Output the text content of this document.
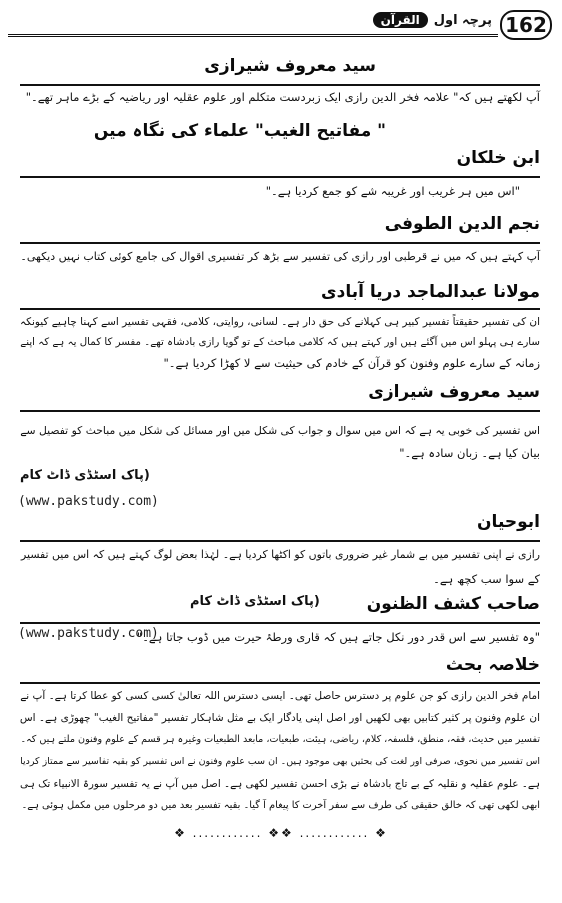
پرچہ اول
القرآن	162
سید معروف شیرازی
آپ لکھتے ہیں کہ" علامہ فخر الدین رازی ایک زبردست متکلم اور علوم عقلیہ اور ریاضیہ کے بڑے ماہر تھے۔"
" مفاتیح الغیب" علماء کی نگاہ میں
ابن خلکان
"اس میں ہر غریب اور غریبہ شے کو جمع کردیا ہے۔"
نجم الدین الطوفی
آپ کہتے ہیں کہ میں نے قرطبی اور رازی کی تفسیر سے بڑھ کر تفسیری اقوال کی جامع کوئی کتاب نہیں دیکھی۔
مولانا عبدالماجد دریا آبادی
ان کی تفسیر حقیقتاً تفسیر کبیر ہی کہلانے کی حق دار ہے۔ لسانی، روایتی، کلامی، فقہی تفسیر اسے کہنا چاہیے کیونکہ
سارے ہی پہلو اس میں آگئے ہیں اور کہتے ہیں کہ کلامی مباحث کے تو گویا رازی بادشاہ تھے۔ مفسر کا کمال یہ ہے کہ اپنے
زمانہ کے سارے علوم وفنون کو قرآن کے خادم کی حیثیت سے لا کھڑا کردیا ہے۔"
سید معروف شیرازی
اس تفسیر کی خوبی یہ ہے کہ اس میں سوال و جواب کی شکل میں اور مسائل کی شکل میں مباحث کو تفصیل سے
بیان کیا ہے۔ زبان سادہ ہے۔"
(پاک اسٹڈی ڈاٹ کام
(www.pakstudy.com)
ابوحیان
رازی نے اپنی تفسیر میں بے شمار غیر ضروری باتوں کو اکٹھا کردیا ہے۔ لہٰذا بعض لوگ کہتے ہیں کہ اس میں تفسیر
کے سوا سب کچھ ہے۔
صاحب کشف الظنون
(پاک اسٹڈی ڈاٹ کام
"وہ تفسیر سے اس قدر دور نکل جاتے ہیں کہ قاری ورطۂ حیرت میں ڈوب جاتا ہے۔"
(www.pakstudy.com)
خلاصہ بحث
امام فخر الدین رازی کو جن علوم پر دسترس حاصل تھی۔ ایسی دسترس اللہ تعالیٰ کسی کسی کو عطا کرتا ہے۔ آپ نے
ان علوم وفنون پر کثیر کتابیں بھی لکھیں اور اصل اپنی یادگار ایک بے مثل شاہکار تفسیر "مفاتیح الغیب" چھوڑی ہے۔ اس
تفسیر میں حدیث، فقہ، منطق، فلسفہ، کلام، ریاضی، ہیئت، طبعیات، مابعد الطبعیات وغیرہ ہر قسم کے علوم وفنون ملتے ہیں کہ۔
اس تفسیر میں نحوی، صرفی اور لغت کی بحثیں بھی موجود ہیں۔ ان سب علوم وفنون نے اس تفسیر کو بقیہ تفاسیر سے ممتاز کردیا
ہے۔ علوم عقلیہ و نقلیہ کے بے تاج بادشاہ نے بڑی احسن تفسیر لکھی ہے۔ اصل میں آپ نے یہ تفسیر سورۃ الانبیاء تک ہی
ابھی لکھی تھی کہ خالق حقیقی کی طرف سے سفر آخرت کا پیغام آ گیا۔ بقیہ تفسیر بعد میں دو مرحلوں میں مکمل ہوئی ہے۔
❖ ............ ❖❖ ............ ❖
